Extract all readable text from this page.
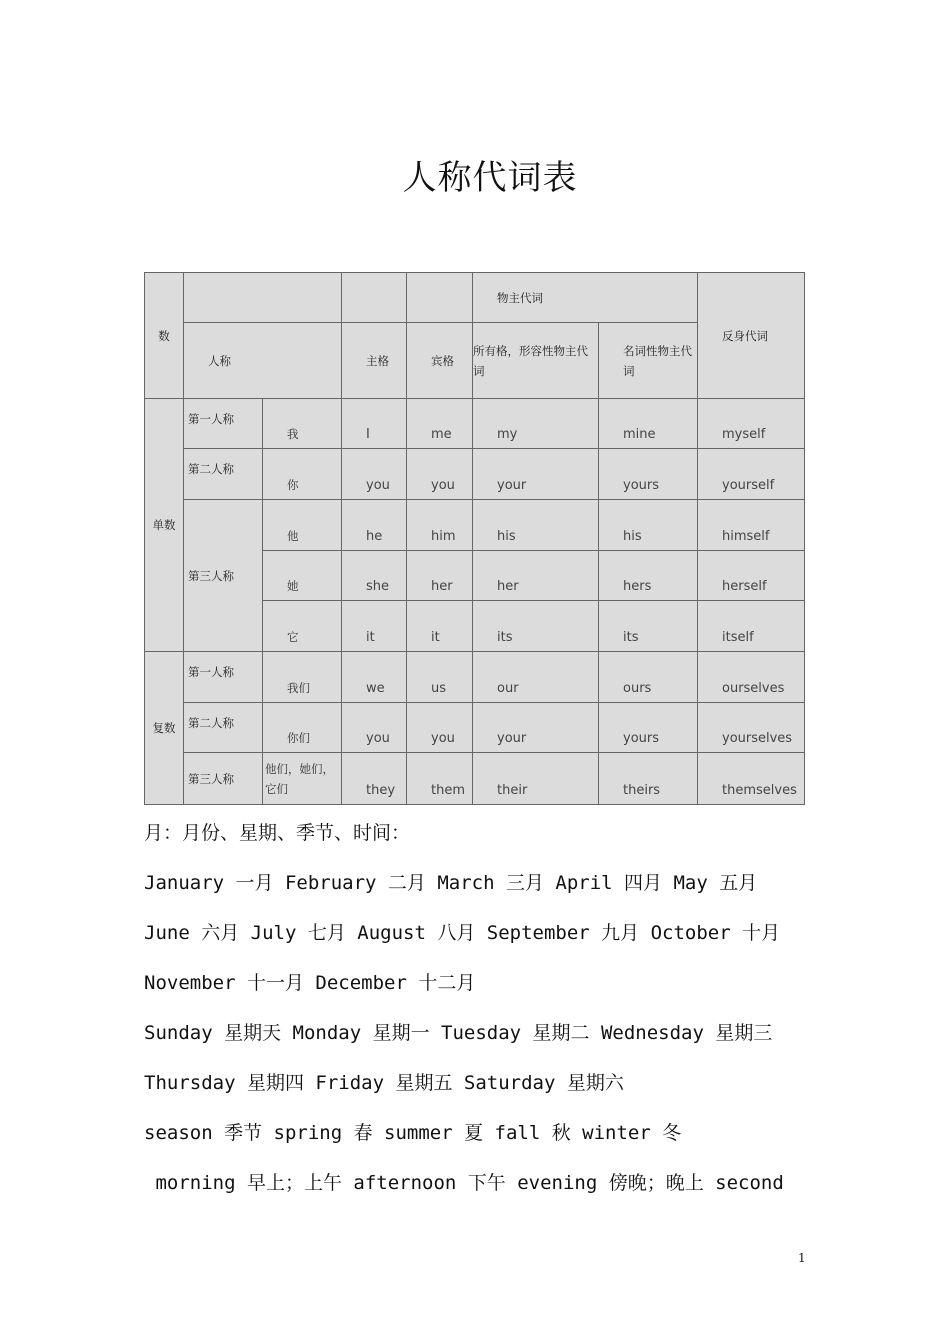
人称代词表
数					物主代词		反身代词
	人称		主格	宾格	所有格，形容性物主代词	名词性物主代词	
单数	第一人称	我	I	me	my	mine	myself
	第二人称	你	you	you	your	yours	yourself
	第三人称	他	he	him	his	his	himself
		她	she	her	her	hers	herself
		它	it	it	its	its	itself
复数	第一人称	我们	we	us	our	ours	ourselves
	第二人称	你们	you	you	your	yours	yourselves
	第三人称	他们，她们，它们	they	them	their	theirs	themselves
月：月份、星期、季节、时间：
January 一月 February 二月 March 三月 April 四月 May 五月
June 六月 July 七月 August 八月 September 九月 October 十月
November 十一月 December 十二月
Sunday 星期天 Monday 星期一 Tuesday 星期二 Wednesday 星期三
Thursday 星期四 Friday 星期五 Saturday 星期六
season 季节 spring 春 summer 夏 fall 秋 winter 冬
morning 早上；上午 afternoon 下午 evening 傍晚；晚上 second
1
